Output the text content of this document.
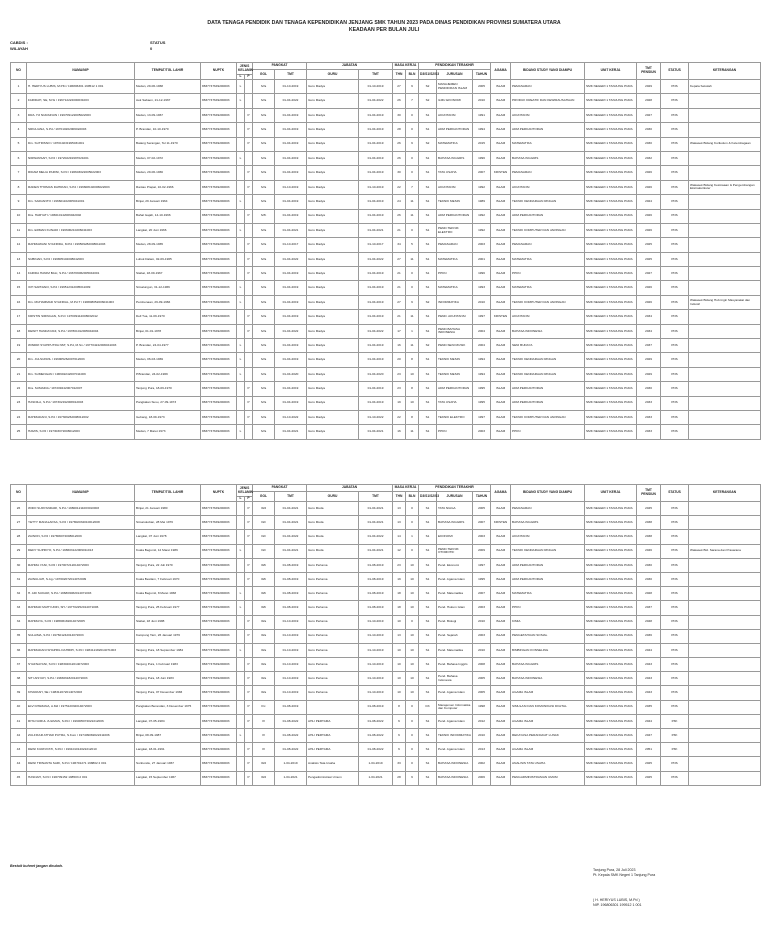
DATA TENAGA PENDIDIK DAN TENAGA KEPENDIDIKAN JENJANG SMK TAHUN 2023 PADA DINAS PENDIDIKAN PROVINSI SUMATERA UTARA
KEADAAN PER BULAN JULI
CABDIS :
WILAYAH
STATUS
0
NO	NAMA/NIP	TEMPAT/TGL LAHIR	NUPTK	JENIS KELAMIN		PANGKAT		JABATAN		MASA KERJA		PENDIDIKAN TERAKHIR			AGAMA	BIDANG STUDY YANG DIAMPU	UNIT KERJA	TMT PENSIUN	STATUS	KETERANGAN
						GOL	TMT	GURU	TMT	THN	BLN	D3/S1/S2/S3	JURUSAN	TAHUN						
				L	P															
1	H. HERIYUS LUBIS, M.PKi / 196806301 199512 1 001	Medan, 29-06-1968	8837747649200003	L		IV/a	01-10-2019	Guru Madya	01-10-2019	27	9	S2	MANAJEMEN PENDIDIKAN ISLAM	2005	ISLAM	PEMASARAN	SMK NEGERI 1 TANJUNG PURA	2029	PNS	Kepala Sekolah
2	FARIDAH, SE, M.Si / 196712222000031003	Aek Sabaon, 21-12-1967	8837747649200003	L		IV/a	01-04-2022	Guru Madya	01-04-2022	26	7	S2	ILMU EKONOMI	2010	ISLAM	PRODUK KREATIF DAN KEWIRAUSAHAAN	SMK NEGERI 1 TANJUNG PURA	2028	PNS	
3	DRA. HJ NURAINUN / 196709122005022003	Medan, 13-09-1967	8837747649200003		P	IV/a	01-04-2019	Guru Madya	01-04-2019	30	0	S1	AKUNTANSI	1991	ISLAM	AKUNTANSI	SMK NEGERI 1 TANJUNG PURA	2027	PNS	
4	SRIULIANA, S.Pd / 197010202006022003	P. Brandan, 10-10-1970	8837747649200003		P	IV/a	01-04-2019	Guru Madya	01-04-2019	28	0	S1	ADM PERKANTORAN	1994	ISLAM	ADM.PERKANTORAN	SMK NEGERI 1 TANJUNG PURA	2030	PNS	
5	Drs. SUTRISNO / 197010231995031001	Batang Serangan, Tel 11-1970	8837747649200003		P	IV/a	01-04-2019	Guru Madya	01-04-2019	26	9	S2	MATEMATIKA	2015	ISLAM	MATEMATIKA	SMK NEGERI 1 TANJUNG PURA	2030	PNS	Wakasek Bidang Kurikulum & Kelembagaan
6	NIRWANSAH, S.Pd / 197202291997021001	Medan, 07-02-1972	8837747649200003	L		IV/a	01-04-2019	Guru Madya	01-04-2019	26	0	S1	BAHASA INGGRIS	1996	ISLAM	BAHASA INGGRIS	SMK NEGERI 1 TANJUNG PURA	2032	PNS	
7	RIDAM MELIA PARINI, S.Pd / 196603022005022003	Medan, 29-06-1966	8837747649200003		P	IV/a	01-04-2019	Guru Madya	01-04-2019	30	0	S1	TATA USAHA	2007	KRISTEN	PEMASARAN	SMK NEGERI 1 TANJUNG PURA	2026	PNS	
8	RADEN THOMAS DAHRIAN, S.Pd / 196608102006022003	Rantau Prapat, 10-02-1966	8837747649200003		P	IV/a	01-10-2019	Guru Madya	01-10-2019	22	7	S1	AKUNTANSI	1992	ISLAM	AKUNTANSI	SMK NEGERI 1 TANJUNG PURA	2026	PNS	Wakasek Bidang Kesiswaan & Pengembangan Ekstrakurikuler
9	Drs. SARJANTO / 196601102005041001	Binjai, 29 Januari 1964	8837747649200003	L		IV/a	01-04-2019	Guru Madya	01-04-2019	24	11	S1	TEKNIK MESIN	1989	ISLAM	TEKNIK KENDARAAN RINGAN	SMK NEGERI 1 TANJUNG PURA	2024	PNS	
10	Dra. HARYATI / 196610142006042002	Bahal Gajah, 14-10-1966	8837747649200003		P	IV/b	01-04-2019	Guru Madya	01-04-2019	26	11	S1	ADM PERKANTORAN	1992	ISLAM	ADM.PERKANTORAN	SMK NEGERI 1 TANJUNG PURA	2026	PNS	
11	Drs. ERMAN KUNADI / 196606210206041003	Langkat, 20 Juni 1966	8837747649200003	L		IV/a	01-04-2021	Guru Madya	01-04-2021	21	0	S1	PEND.TEKNIK ELEKTRO	1992	ISLAM	TEKNIK KOMPUTER DAN JARINGAN	SMK NEGERI 1 TANJUNG PURA	2026	PNS	
12	RAHMAWANI SYAFRIDA, M.Pd / 196509282008011003	Medan, 28-09-1965	8837747649200003		P	IV/a	01-10-2017	Guru Madya	01-10-2017	34	5	S1	PEMASARAN	2003	ISLAM	PEMASARAN	SMK NEGERI 1 TANJUNG PURA	2025	PNS	
13	SUBINAN, S.Pd / 196805102008042003	Lubuk Dalam, 02-09-1965	8837747649200003		P	IV/a	01-04-2022	Guru Madya	01-04-2022	27	11	S1	MATEMATIKA	2001	ISLAM	MATEMATIKA	SMK NEGERI 1 TANJUNG PURA	2025	PNS	
14	FARIDA HANIM BALI, S.Pd / 196709062005042001	Stabat, 18-09-1967	8837747649200003		P	IV/a	01-04-2019	Guru Madya	01-04-2019	21	0	S1	PPKN	1996	ISLAM	PPKN	SMK NEGERI 1 TANJUNG PURA	2027	PNS	
15	ICH SAPNIADI, S.Pd / 196512312005011009	Simalungun, 31-12-1966	8837747649200003	L		IV/a	01-04-2019	Guru Madya	01-04-2019	21	0	S1	MATEMATIKA	1993	ISLAM	MATEMATIKA	SMK NEGERI 1 TANJUNG PURA	2026	PNS	
16	Drs. MUHAMMAD SYAFRIAL, M.Pd.T / 196808052006041003	Pembenaan, 29-09-1966	8837747649200003	L		IV/a	01-04-2019	Guru Madya	01-04-2019	27	9	S2	INFORMATIKA	2010	ISLAM	TEKNIK KOMPUTER DAN JARINGAN	SMK NEGERI 1 TANJUNG PURA	2026	PNS	Wakasek Bidang Hub.Ingin Masyarakat dan Industri
17	KRISTIN SIRINGAN, S.Pd / 197009112008032012	Dell Tua, 11-09-1970	8837747649200003		P	IV/a	01-04-2019	Guru Madya	01-04-2019	21	11	S1	PEND. AKUNTANSI	1997	KRISTEN	AKUNTANSI	SMK NEGERI 1 TANJUNG PURA	2034	PNS	
18	DEWIT HANDAYANI, S.Pd / 197801012005042004	Binjai, 01-01-1978	8837747649200003		P	IV/a	01-04-2022	Guru Madya	01-04-2022	17	1	S1	PEND.BAHASA INDONESIA	2004	ISLAM	BAHASA INDONESIA	SMK NEGERI 1 TANJUNG PURA	2034	PNS	
19	WINDRI SYAHPUTRA NST, S.Pd, M.Sn / 197704242006041003	P. Brandan, 24-04-1977	8837747649200003	L		IV/a	01-04-2019	Guru Madya	01-04-2019	16	11	S2	PEND.SENI MUSIK	2004	ISLAM	SENI BUDAYA	SMK NEGERI 1 TANJUNG PURA	2037	PNS	
20	Drs. JULSUKRIL / 196905262007012003	Medan, 06-03-1969	8837747649200003	L		IV/a	01-04-2019	Guru Madya	01-04-2019	20	8	S1	TEKNIK MESIN	1994	ISLAM	TEKNIK KENDARAAN RINGAN	SMK NEGERI 1 TANJUNG PURA	2029	PNS	
21	Drs. SUMENGAN / 196902242007011009	P.Brandan, 24-02-1969	8837747649200003	L		IV/a	01-04-2020	Guru Madya	01-04-2020	23	10	S1	TEKNIK MESIN	1994	ISLAM	TEKNIK KENDARAAN RINGAN	SMK NEGERI 1 TANJUNG PURA	2029	PNS	
22	Dra. SUMAIDA / 197209242007012007	Tanjung Pura, 18-09-1970	8837747649200003		P	IV/a	01-04-2019	Guru Madya	01-04-2019	23	8	S1	ADM PERKANTORAN	1995	ISLAM	ADM.PERKANTORAN	SMK NEGERI 1 TANJUNG PURA	2030	PNS	
23	HASNILA, S.Pd / 197302192008012003	Pangkalan Susu, 27-09-1973	8837747649200003		P	IV/a	01-04-2019	Guru Madya	01-04-2019	19	10	S1	TATA USAHA	1995	ISLAM	ADM.PERKANTORAN	SMK NEGERI 1 TANJUNG PURA	2033	PNS	
24	RAHMADANI, S.Pd / 197309262008012002	Gebang, 18-09-1973	8837747649200003		P	IV/a	01-10-2022	Guru Madya	01-10-2022	22	8	S1	TEKNIK ELEKTRO	1997	ISLAM	TEKNIK KOMPUTER DAN JARINGAN	SMK NEGERI 1 TANJUNG PURA	2033	PNS	
25	HAMIS, S.Pd / 197303072008012003	Medan, 7 Maret 1973	8837747649200003	L		IV/a	01-04-2021	Guru Madya	01-04-2021	16	11	S1	PPKN	2003	ISLAM	PPKN	SMK NEGERI 1 TANJUNG PURA	2033	PNS	
NO	NAMA/NIP	TEMPAT/TGL LAHIR	NUPTK	JENIS KELAMIN		PANGKAT		JABATAN		MASA KERJA		PENDIDIKAN TERAKHIR			AGAMA	BIDANG STUDY YANG DIAMPU	UNIT KERJA	TMT PENSIUN	STATUS	KETERANGAN
						GOL	TMT	GURU	TMT	THN	BLN	D3/S1/S2/S3	JURUSAN	TAHUN						
				L	P															
26	WIDO SURYANDARI, S.Pd / 198001211003010003	Binjai, 21 Januari 1980	8837747649200003		P	III/d	01-04-2021	Guru Muda	01-04-2021	13	0	S1	TATA NIAGA	2005	ISLAM	PEMASARAN	SMK NEGERI 1 TANJUNG PURA	2045	PNS	
27	YETTY MANALAKSA, S.Pd / 197802032010012008	Simarukoban, 28 Mei 1976	8837747649200003		P	III/c	01-04-2021	Guru Muda	01-04-2021	13	0	S1	BAHASA INGGRIS	2007	KRISTEN	BAHASA INGGRIS	SMK NEGERI 1 TANJUNG PURA	2038	PNS	
28	ZAINON, S.Pd / 197806072008012009	Langkat, 07 Juni 1978	8837747649200003		P	III/c	01-04-2022	Guru Muda	01-04-2022	14	1	S1	EKONOMI	2003	ISLAM	AKUNTANSI	SMK NEGERI 1 TANJUNG PURA	2038	PNS	
29	DEDY SUPRIYO, S.Pd / 198603122009011013	Kuala Begumit, 12 Maret 1986	8837747649200003	L		III/c	01-04-2021	Guru Muda	01-04-2021	12	0	S1	PEND.TEKNIK OTOMOTIF	2009	ISLAM	TEKNIK KENDARAAN RINGAN	SMK NEGERI 1 TANJUNG PURA	2046	PNS	Wakasek Bid. Sarana dan Prasarana
30	RAHMA YANI, S.Pd / 197007212014072003	Tanjung Pura, 22 Juli 1970	8837747649200003		P	III/b	01-08-2019	Guru Pertama	01-08-2019	23	10	S1	Pend. Ekonomi	1997	ISLAM	ADM.PERKANTORAN	SMK NEGERI 1 TANJUNG PURA	2030	PNS	
31	ZAINULIAH, S.Ag / 197002072014072009	Kuala Besilam, 7 Februari 1970	8837747649200003		P	III/b	01-08-2019	Guru Pertama	01-08-2019	19	10	S1	Pend. Agama Islam	1995	ISLAM	ADM.PERKANTORAN	SMK NEGERI 1 TANJUNG PURA	2030	PNS	
32	H. ADI SUKARI, S.Pd / 196803082014071003	Kuala Begumit, 8 Maret 1968	8837747649200003	L		III/b	01-08-2019	Guru Pertama	01-08-2019	18	10	S1	Pend. Matematika	2007	ISLAM	MATEMATIKA	SMK NEGERI 1 TANJUNG PURA	2028	PNS	
33	RAHMAD MAHYUDIN, SH / 197702252014071006	Tanjung Pura, 25 Februari 1977	8837747649200003	L		III/b	01-08-2019	Guru Pertama	01-08-2019	18	10	S1	Pend. Hukum Islam	2003	ISLAM	PPKN	SMK NEGERI 1 TANJUNG PURA	2037	PNS	
34	RAHMAYA, S.Pd / 198806182014072005	Stabat, 18 Juni 1988	8837747649200003		P	III/a	01-10-2019	Guru Pertama	01-10-2019	10	0	S1	Pend. Biologi	2010	ISLAM	KIMIA	SMK NEGERI 1 TANJUNG PURA	2048	PNS	
35	SULAIMA, S.Pd / 197601242014072003	Kampung Tarn, 26 Januari 1976	8837747649200003		P	III/a	01-10-2019	Guru Pertama	01-10-2019	13	10	S1	Pend. Sejarah	2003	ISLAM	PENGETAHUAN SOSIAL	SMK NEGERI 1 TANJUNG PURA	2036	PNS	
36	RAHMADANI SHAPRIL DAHRIPI, S.Pd / 198412182014071003	Tanjung Pura, 18 September 1984	8837747649200003	L		III/a	01-10-2019	Guru Pertama	01-10-2019	10	10	S1	Pend. Matematika	2010	ISLAM	BIMBINGAN KONSELING	SMK NEGERI 1 TANJUNG PURA	2044	PNS	
37	SYAFNAYANI, S.Pd / 198302012014072003	Tanjung Pura, 1 Februari 1983	8837747649200003		P	III/a	01-10-2019	Guru Pertama	01-10-2019	10	10	S1	Pend. Bahasa Inggris	2008	ISLAM	BAHASA INGGRIS	SMK NEGERI 1 TANJUNG PURA	2043	PNS	
38	SITI AISYAH, S.Pd / 198306182014072003	Tanjung Pura, 18 Juni 1983	8837747649200003		P	III/a	01-10-2019	Guru Pertama	01-10-2019	10	10	S1	Pend. Bahasa Indonesia	2005	ISLAM	BAHASA INDONESIA	SMK NEGERI 1 TANJUNG PURA	2043	PNS	
39	KHAIRIAH, SE / 198312072014072003	Tanjung Pura, 07 Desember 1983	8837747649200003		P	III/a	01-10-2019	Guru Pertama	01-10-2019	10	10	S1	Pend. Agama Islam	2005	ISLAM	AGAMA ISLAM	SMK NEGERI 1 TANJUNG PURA	2043	PNS	
40	ELVI RISMANA, A.Md / 197512032014072003	Pangkalan Berandan, 3 Desember 1975	8837747649200003		P	II/c	01-08-2019		01-08-2019	8	0	D3	Manajemen Informatika dan Komputer	1998	ISLAM	SIMULASI DAN KOMUNIKASI DIGITAL	SMK NEGERI 1 TANJUNG PURA	2035	PNS	
41	RITA NURUL JULIMAS, S.Pd.I / 199005072022212006	Langkat, 07-05-1984	8837747649200003		P	IX	01-08-2022	AHLI PERTAMA	01-08-2022	6	0	S1	Pend. Agama Islam	2012	ISLAM	AGAMA ISLAM	SMK NEGERI 1 TANJUNG PURA	2044	P3K	
42	ZULFIKAR ATHAR PUTRA, S.Kom / 197409082022211006	Binjai, 08-09-1987	8837747649200003	L		IX	01-08-2022	AHLI PERTAMA	01-08-2022	6	0	S1	TEKNIK INFORMATIKA	2010	ISLAM	REKAYASA PERANGKAT LUNAK	SMK NEGERI 1 TANJUNG PURA	2047	P3K	
43	DEWI KURNIYATI, S.Pd.I / 199101012022212010	Langkat, 18-01-1991	8837747649200003		P	IX	01-08-2022	AHLI PERTAMA	01-08-2022	6	0	S1	Pend. Agama Islam	2013	ISLAM	AGAMA ISLAM	SMK NEGERI 1 TANJUNG PURA	2051	P3K	
44	DEWI TRINANTA SARI, S.Pd / 196701271 198802 2 001	Sunbonde, 27 Januari 1967	8837747649200003		P	III/d	1-04-2019	Analisis Tata Usaha	1-04-2019	33	0	S1	BAHASA INDONESIA	2002	ISLAM	ANALISIS TATA USAHA	SMK NEGERI 1 TANJUNG PURA	2025	PNS	
45	HASNAH, S.Pd / 196709152 198503 2 001	Langkat, 15 September 1967	8837747649200003		P	III/d	1-04-2021	Pengadministrasi Umum	1-04-2021	28	9	S1	BAHASA INDONESIA	2006	ISLAM	PENGADMINISTRASIAN UMUM	SMK NEGERI 1 TANJUNG PURA	2025	PNS	
Bestuit buhnet jangan dirubah.
Tanjung Pura, 28 Juli 2023
Pt. Kepala SMK Negeri 1 Tanjung Pura
( H. HERIYUS LUBIS, M.Pd )
NIP. 196806301 199512 1 001
